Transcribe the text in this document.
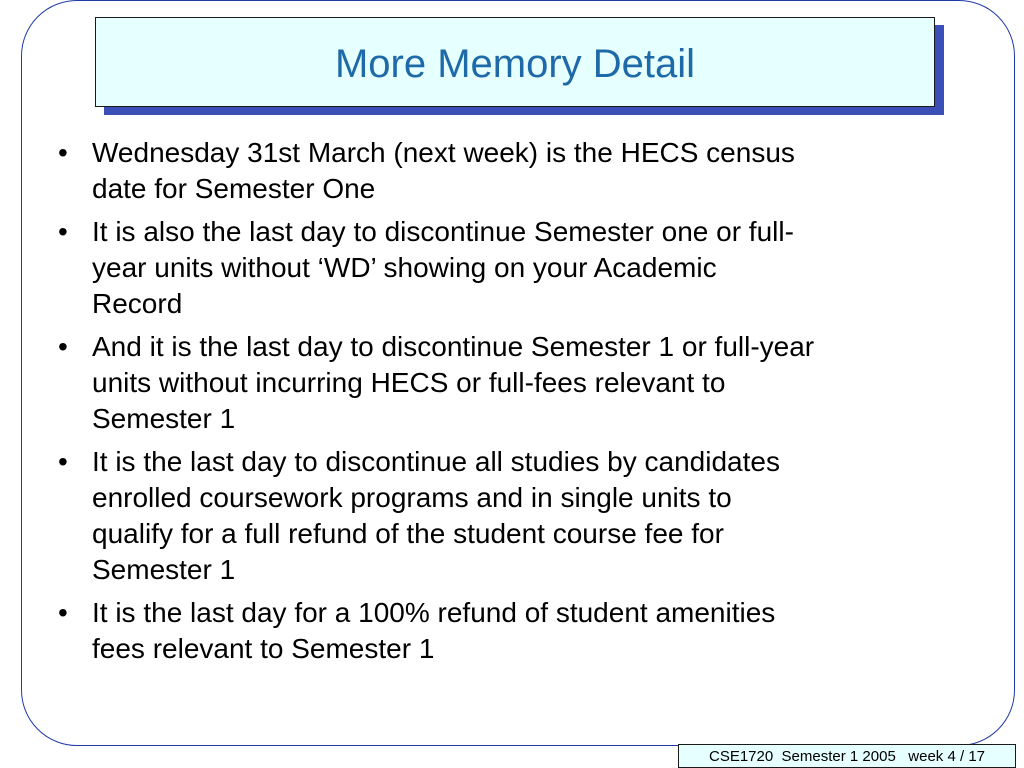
More Memory Detail
• Wednesday 31st March (next week) is the HECS census
date for Semester One
• It is also the last day to discontinue Semester one or full-
year units without ‘WD’ showing on your Academic
Record
• And it is the last day to discontinue Semester 1 or full-year
units without incurring HECS or full-fees relevant to
Semester 1
• It is the last day to discontinue all studies by candidates
enrolled coursework programs and in single units to
qualify for a full refund of the student course fee for
Semester 1
• It is the last day for a 100% refund of student amenities
fees relevant to Semester 1
CSE1720  Semester 1 2005   week 4 / 17
